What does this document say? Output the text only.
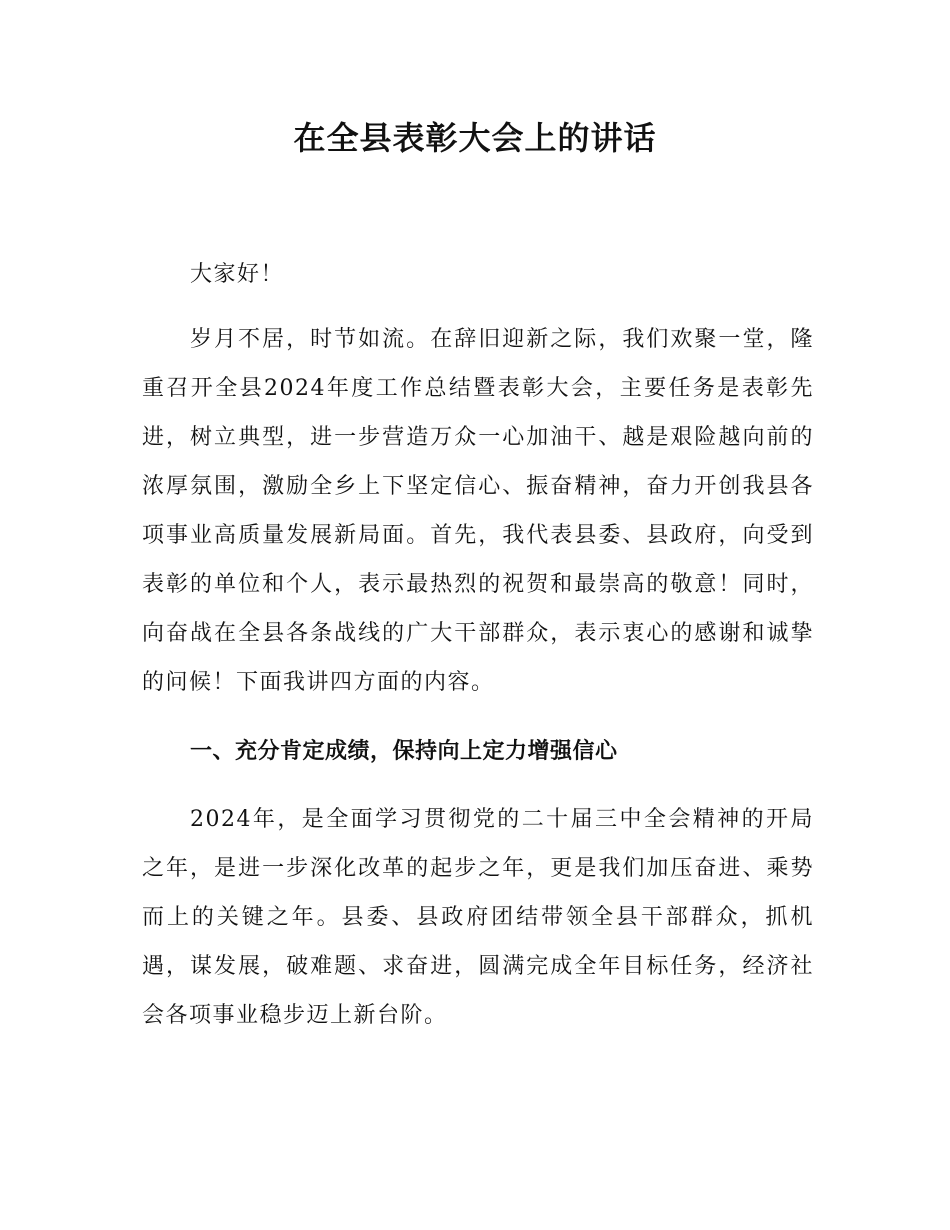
在全县表彰大会上的讲话

大家好！

岁月不居，时节如流。在辞旧迎新之际，我们欢聚一堂，隆重召开全县2024年度工作总结暨表彰大会，主要任务是表彰先进，树立典型，进一步营造万众一心加油干、越是艰险越向前的浓厚氛围，激励全乡上下坚定信心、振奋精神，奋力开创我县各项事业高质量发展新局面。首先，我代表县委、县政府，向受到表彰的单位和个人，表示最热烈的祝贺和最崇高的敬意！同时，向奋战在全县各条战线的广大干部群众，表示衷心的感谢和诚挚的问候！下面我讲四方面的内容。

一、充分肯定成绩，保持向上定力增强信心

2024年，是全面学习贯彻党的二十届三中全会精神的开局之年，是进一步深化改革的起步之年，更是我们加压奋进、乘势而上的关键之年。县委、县政府团结带领全县干部群众，抓机遇，谋发展，破难题、求奋进，圆满完成全年目标任务，经济社会各项事业稳步迈上新台阶。
